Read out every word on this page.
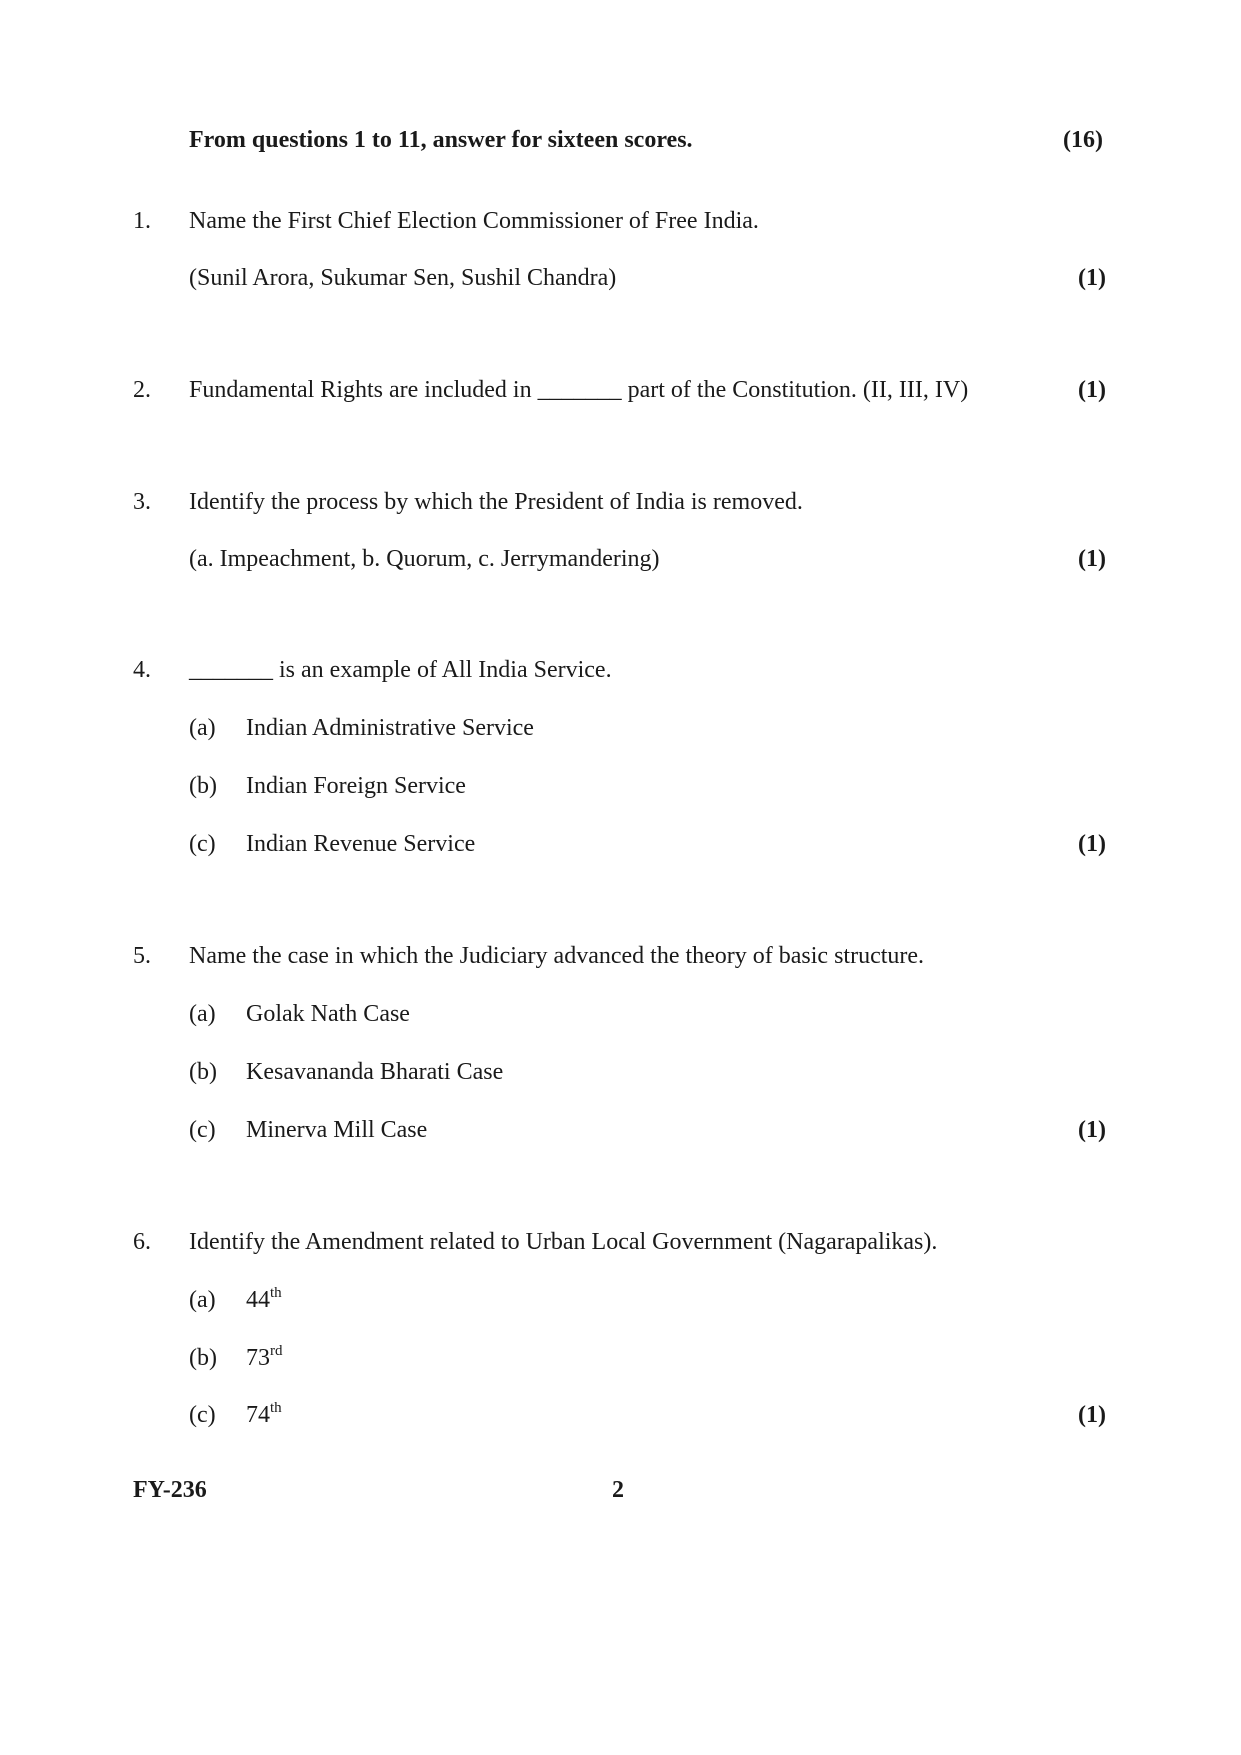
From questions 1 to 11, answer for sixteen scores.	(16)
1. Name the First Chief Election Commissioner of Free India.
(Sunil Arora, Sukumar Sen, Sushil Chandra)	(1)
2. Fundamental Rights are included in _______ part of the Constitution. (II, III, IV)	(1)
3. Identify the process by which the President of India is removed.
(a. Impeachment, b. Quorum, c. Jerrymandering)	(1)
4. _______ is an example of All India Service.
(a) Indian Administrative Service
(b) Indian Foreign Service
(c) Indian Revenue Service	(1)
5. Name the case in which the Judiciary advanced the theory of basic structure.
(a) Golak Nath Case
(b) Kesavananda Bharati Case
(c) Minerva Mill Case	(1)
6. Identify the Amendment related to Urban Local Government (Nagarapalikas).
(a) 44th
(b) 73rd
(c) 74th	(1)
FY-236	2
